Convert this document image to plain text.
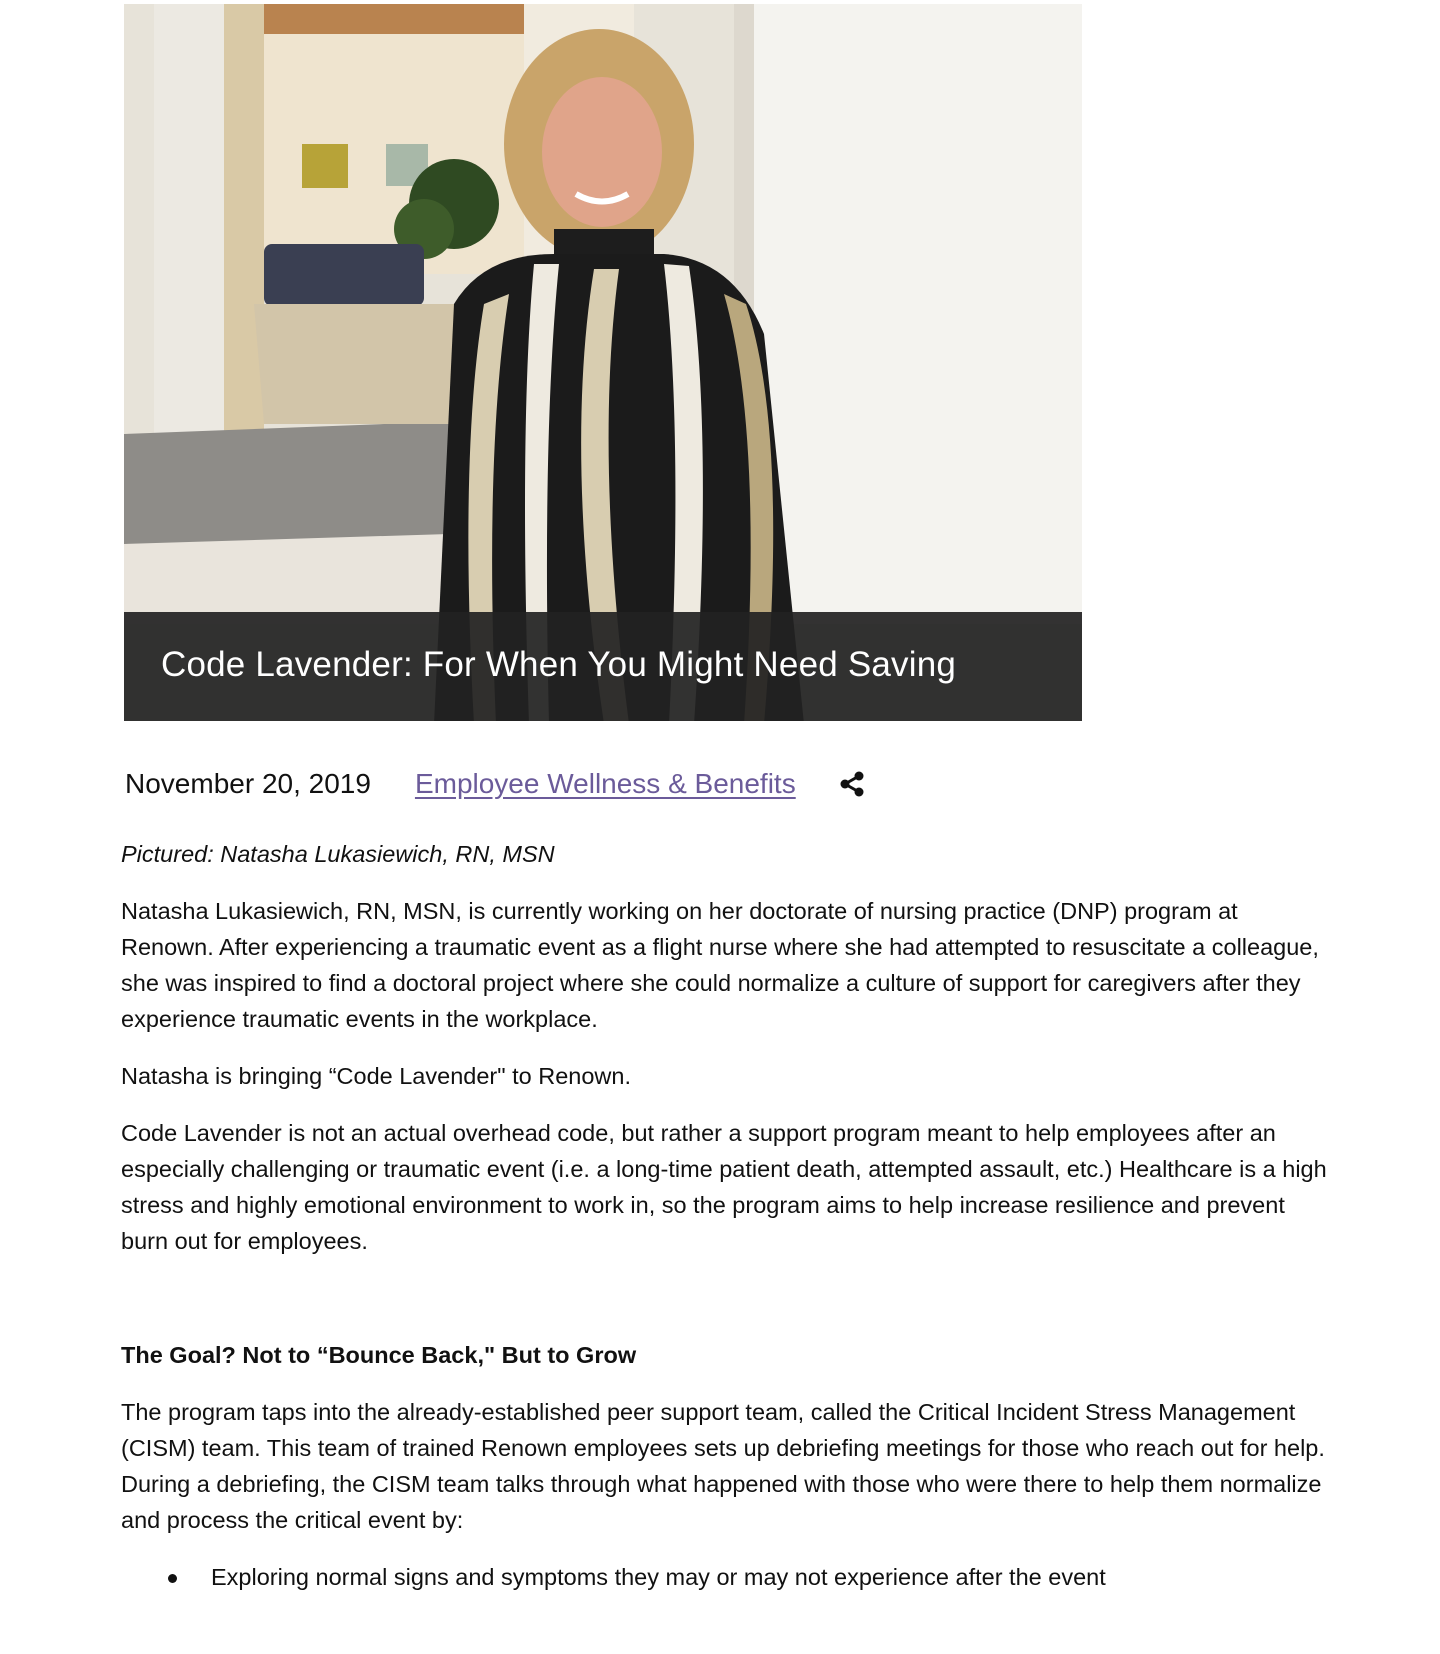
Code Lavender: For When You Might Need Saving
November 20, 2019 Employee Wellness & Benefits

Pictured: Natasha Lukasiewich, RN, MSN

Natasha Lukasiewich, RN, MSN, is currently working on her doctorate of nursing practice (DNP) program at Renown. After experiencing a traumatic event as a flight nurse where she had attempted to resuscitate a colleague, she was inspired to find a doctoral project where she could normalize a culture of support for caregivers after they experience traumatic events in the workplace.

Natasha is bringing “Code Lavender" to Renown.

Code Lavender is not an actual overhead code, but rather a support program meant to help employees after an especially challenging or traumatic event (i.e. a long-time patient death, attempted assault, etc.) Healthcare is a high stress and highly emotional environment to work in, so the program aims to help increase resilience and prevent burn out for employees.

The Goal? Not to “Bounce Back," But to Grow

The program taps into the already-established peer support team, called the Critical Incident Stress Management (CISM) team. This team of trained Renown employees sets up debriefing meetings for those who reach out for help. During a debriefing, the CISM team talks through what happened with those who were there to help them normalize and process the critical event by:

Exploring normal signs and symptoms they may or may not experience after the event
